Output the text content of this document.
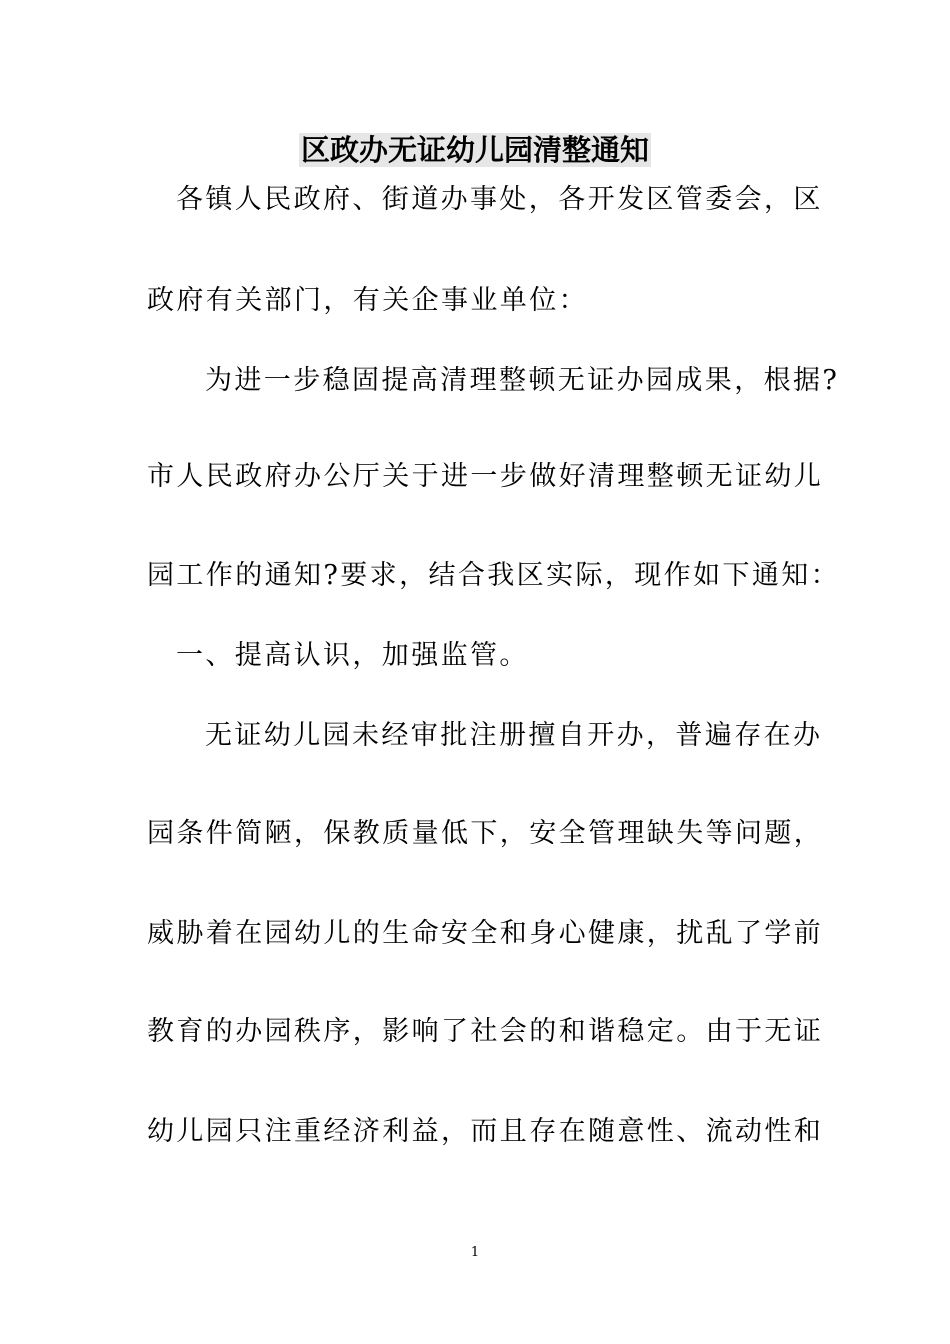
区政办无证幼儿园清整通知
各镇人民政府、街道办事处，各开发区管委会，区
政府有关部门，有关企事业单位：
为进一步稳固提高清理整顿无证办园成果，根据?
市人民政府办公厅关于进一步做好清理整顿无证幼儿
园工作的通知?要求，结合我区实际，现作如下通知：
一、提高认识，加强监管。
无证幼儿园未经审批注册擅自开办，普遍存在办
园条件简陋，保教质量低下，安全管理缺失等问题，
威胁着在园幼儿的生命安全和身心健康，扰乱了学前
教育的办园秩序，影响了社会的和谐稳定。由于无证
幼儿园只注重经济利益，而且存在随意性、流动性和
1
